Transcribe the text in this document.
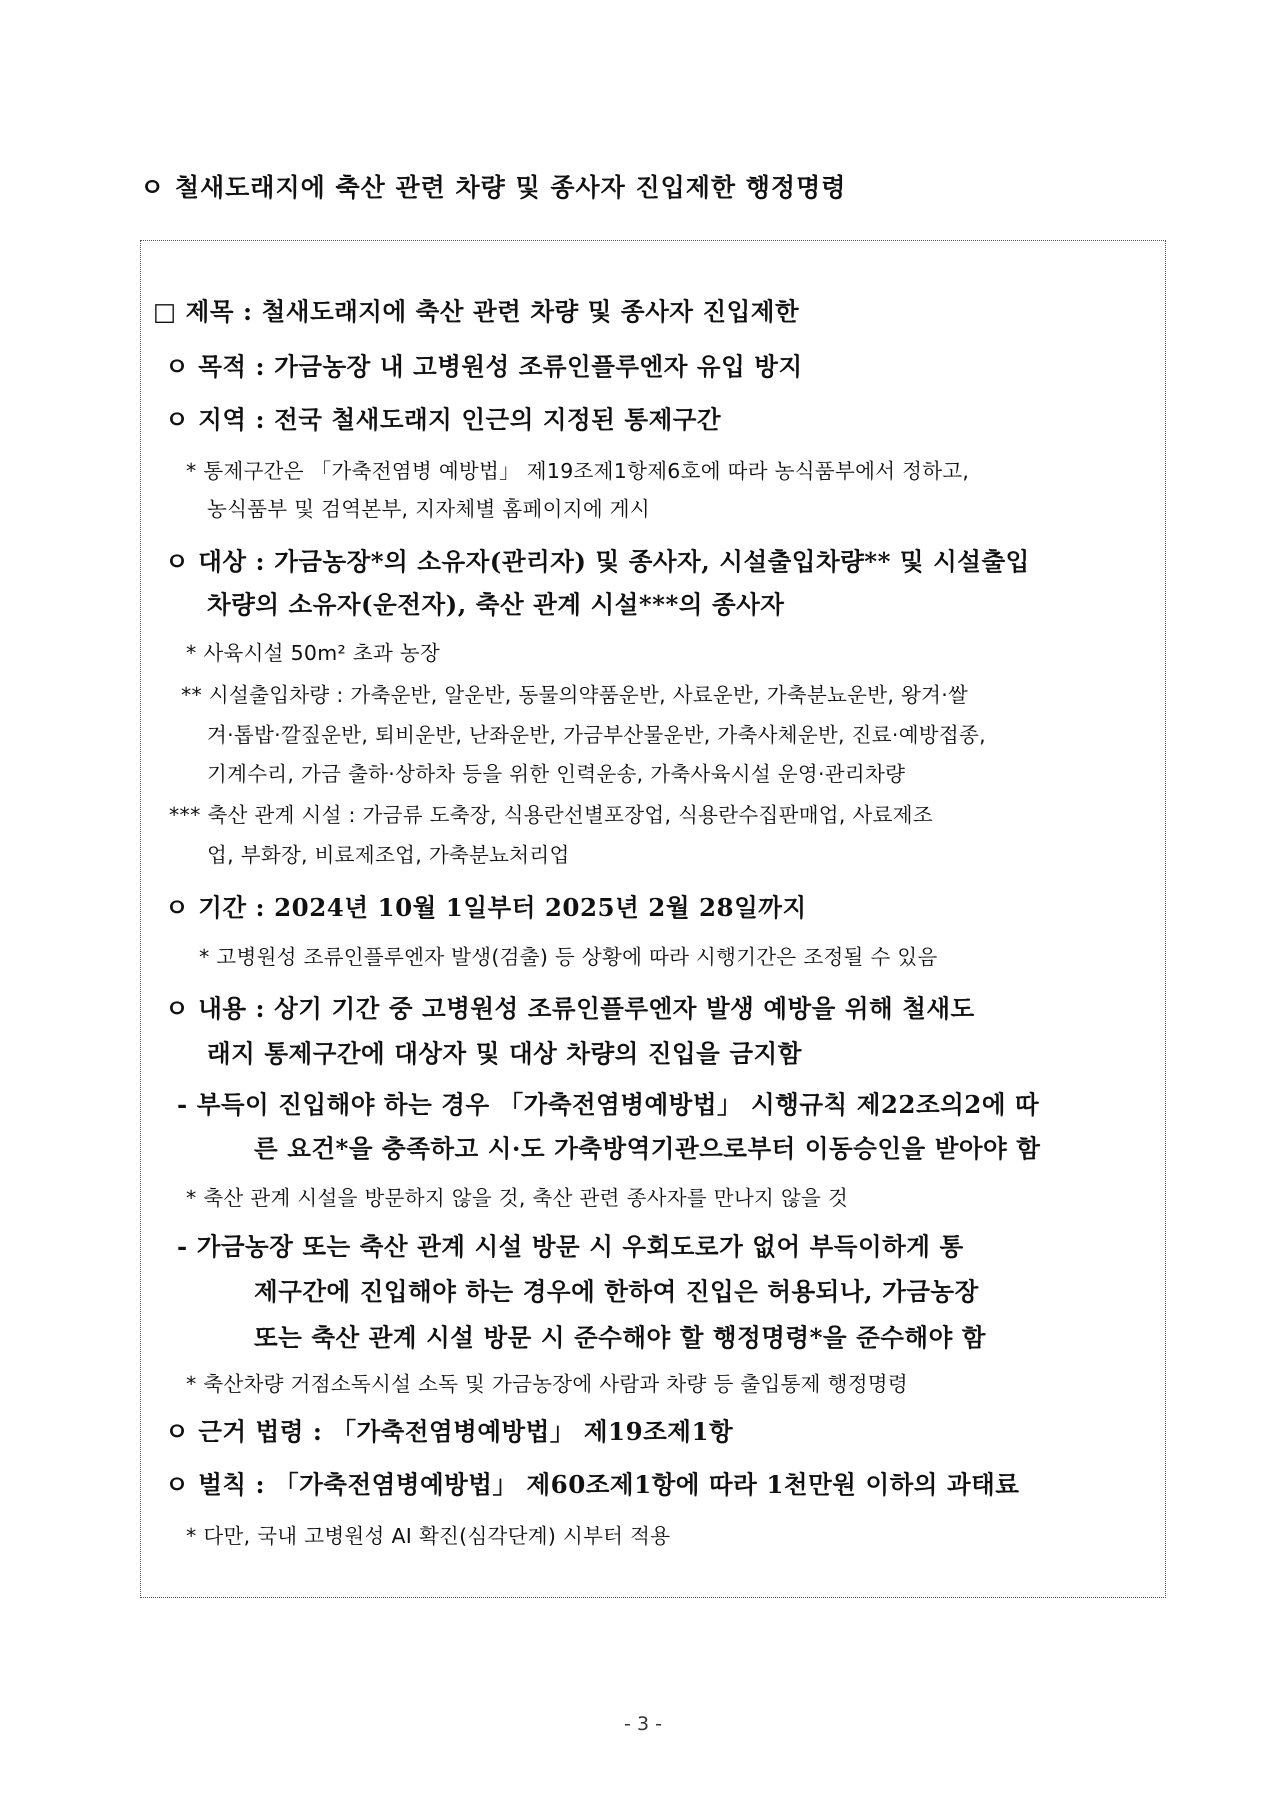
ㅇ 철새도래지에 축산 관련 차량 및 종사자 진입제한 행정명령
□ 제목 : 철새도래지에 축산 관련 차량 및 종사자 진입제한
ㅇ 목적 : 가금농장 내 고병원성 조류인플루엔자 유입 방지
ㅇ 지역 : 전국 철새도래지 인근의 지정된 통제구간
* 통제구간은 「가축전염병 예방법」 제19조제1항제6호에 따라 농식품부에서 정하고,
농식품부 및 검역본부, 지자체별 홈페이지에 게시
ㅇ 대상 : 가금농장*의 소유자(관리자) 및 종사자, 시설출입차량** 및 시설출입
차량의 소유자(운전자), 축산 관계 시설***의 종사자
* 사육시설 50m² 초과 농장
** 시설출입차량 : 가축운반, 알운반, 동물의약품운반, 사료운반, 가축분뇨운반, 왕겨·쌀
겨·톱밥·깔짚운반, 퇴비운반, 난좌운반, 가금부산물운반, 가축사체운반, 진료·예방접종,
기계수리, 가금 출하·상하차 등을 위한 인력운송, 가축사육시설 운영·관리차량
*** 축산 관계 시설 : 가금류 도축장, 식용란선별포장업, 식용란수집판매업, 사료제조
업, 부화장, 비료제조업, 가축분뇨처리업
ㅇ 기간 : 2024년 10월 1일부터 2025년 2월 28일까지
* 고병원성 조류인플루엔자 발생(검출) 등 상황에 따라 시행기간은 조정될 수 있음
ㅇ 내용 : 상기 기간 중 고병원성 조류인플루엔자 발생 예방을 위해 철새도
래지 통제구간에 대상자 및 대상 차량의 진입을 금지함
- 부득이 진입해야 하는 경우 「가축전염병예방법」 시행규칙 제22조의2에 따
른 요건*을 충족하고 시·도 가축방역기관으로부터 이동승인을 받아야 함
* 축산 관계 시설을 방문하지 않을 것, 축산 관련 종사자를 만나지 않을 것
- 가금농장 또는 축산 관계 시설 방문 시 우회도로가 없어 부득이하게 통
제구간에 진입해야 하는 경우에 한하여 진입은 허용되나, 가금농장
또는 축산 관계 시설 방문 시 준수해야 할 행정명령*을 준수해야 함
* 축산차량 거점소독시설 소독 및 가금농장에 사람과 차량 등 출입통제 행정명령
ㅇ 근거 법령 : 「가축전염병예방법」 제19조제1항
ㅇ 벌칙 : 「가축전염병예방법」 제60조제1항에 따라 1천만원 이하의 과태료
* 다만, 국내 고병원성 AI 확진(심각단계) 시부터 적용
- 3 -
